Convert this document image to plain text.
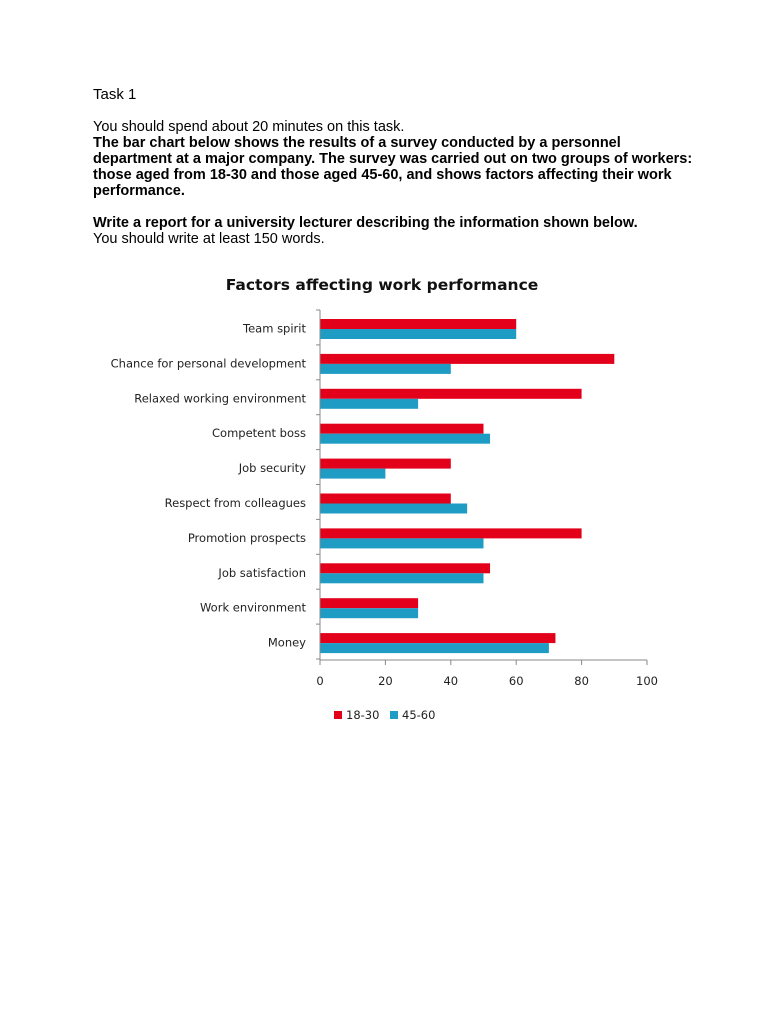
Task 1

You should spend about 20 minutes on this task.

The bar chart below shows the results of a survey conducted by a personnel department at a major company. The survey was carried out on two groups of workers: those aged from 18-30 and those aged 45-60, and shows factors affecting their work performance.

Write a report for a university lecturer describing the information shown below.

You should write at least 150 words.

Factors affecting work performance
Team spirit
Chance for personal development
Relaxed working environment
Competent boss
Job security
Respect from colleagues
Promotion prospects
Job satisfaction
Work environment
Money
0	20	40	60	80	100
18-30 45-60
